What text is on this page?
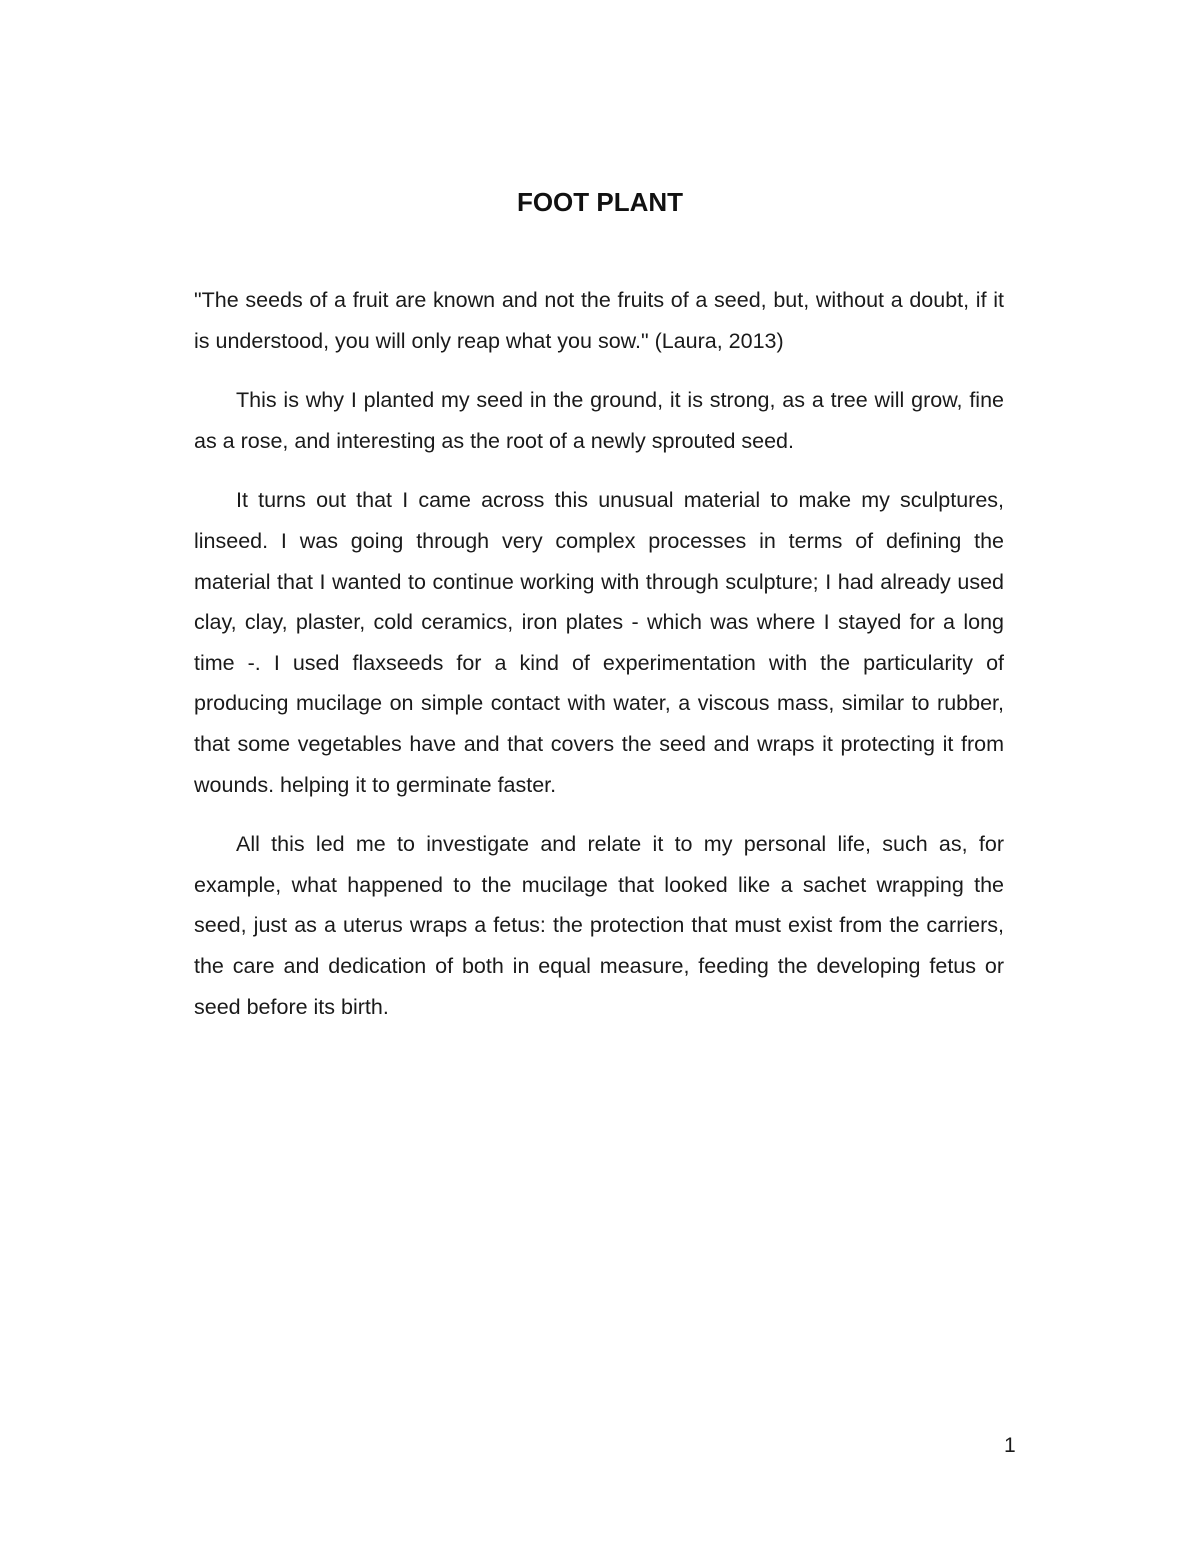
FOOT PLANT

"The seeds of a fruit are known and not the fruits of a seed, but, without a doubt, if it is understood, you will only reap what you sow." (Laura, 2013)

This is why I planted my seed in the ground, it is strong, as a tree will grow, fine as a rose, and interesting as the root of a newly sprouted seed.

It turns out that I came across this unusual material to make my sculptures, linseed. I was going through very complex processes in terms of defining the material that I wanted to continue working with through sculpture; I had already used clay, clay, plaster, cold ceramics, iron plates - which was where I stayed for a long time -. I used flaxseeds for a kind of experimentation with the particularity of producing mucilage on simple contact with water, a viscous mass, similar to rubber, that some vegetables have and that covers the seed and wraps it protecting it from wounds. helping it to germinate faster.

All this led me to investigate and relate it to my personal life, such as, for example, what happened to the mucilage that looked like a sachet wrapping the seed, just as a uterus wraps a fetus: the protection that must exist from the carriers, the care and dedication of both in equal measure, feeding the developing fetus or seed before its birth.

1
